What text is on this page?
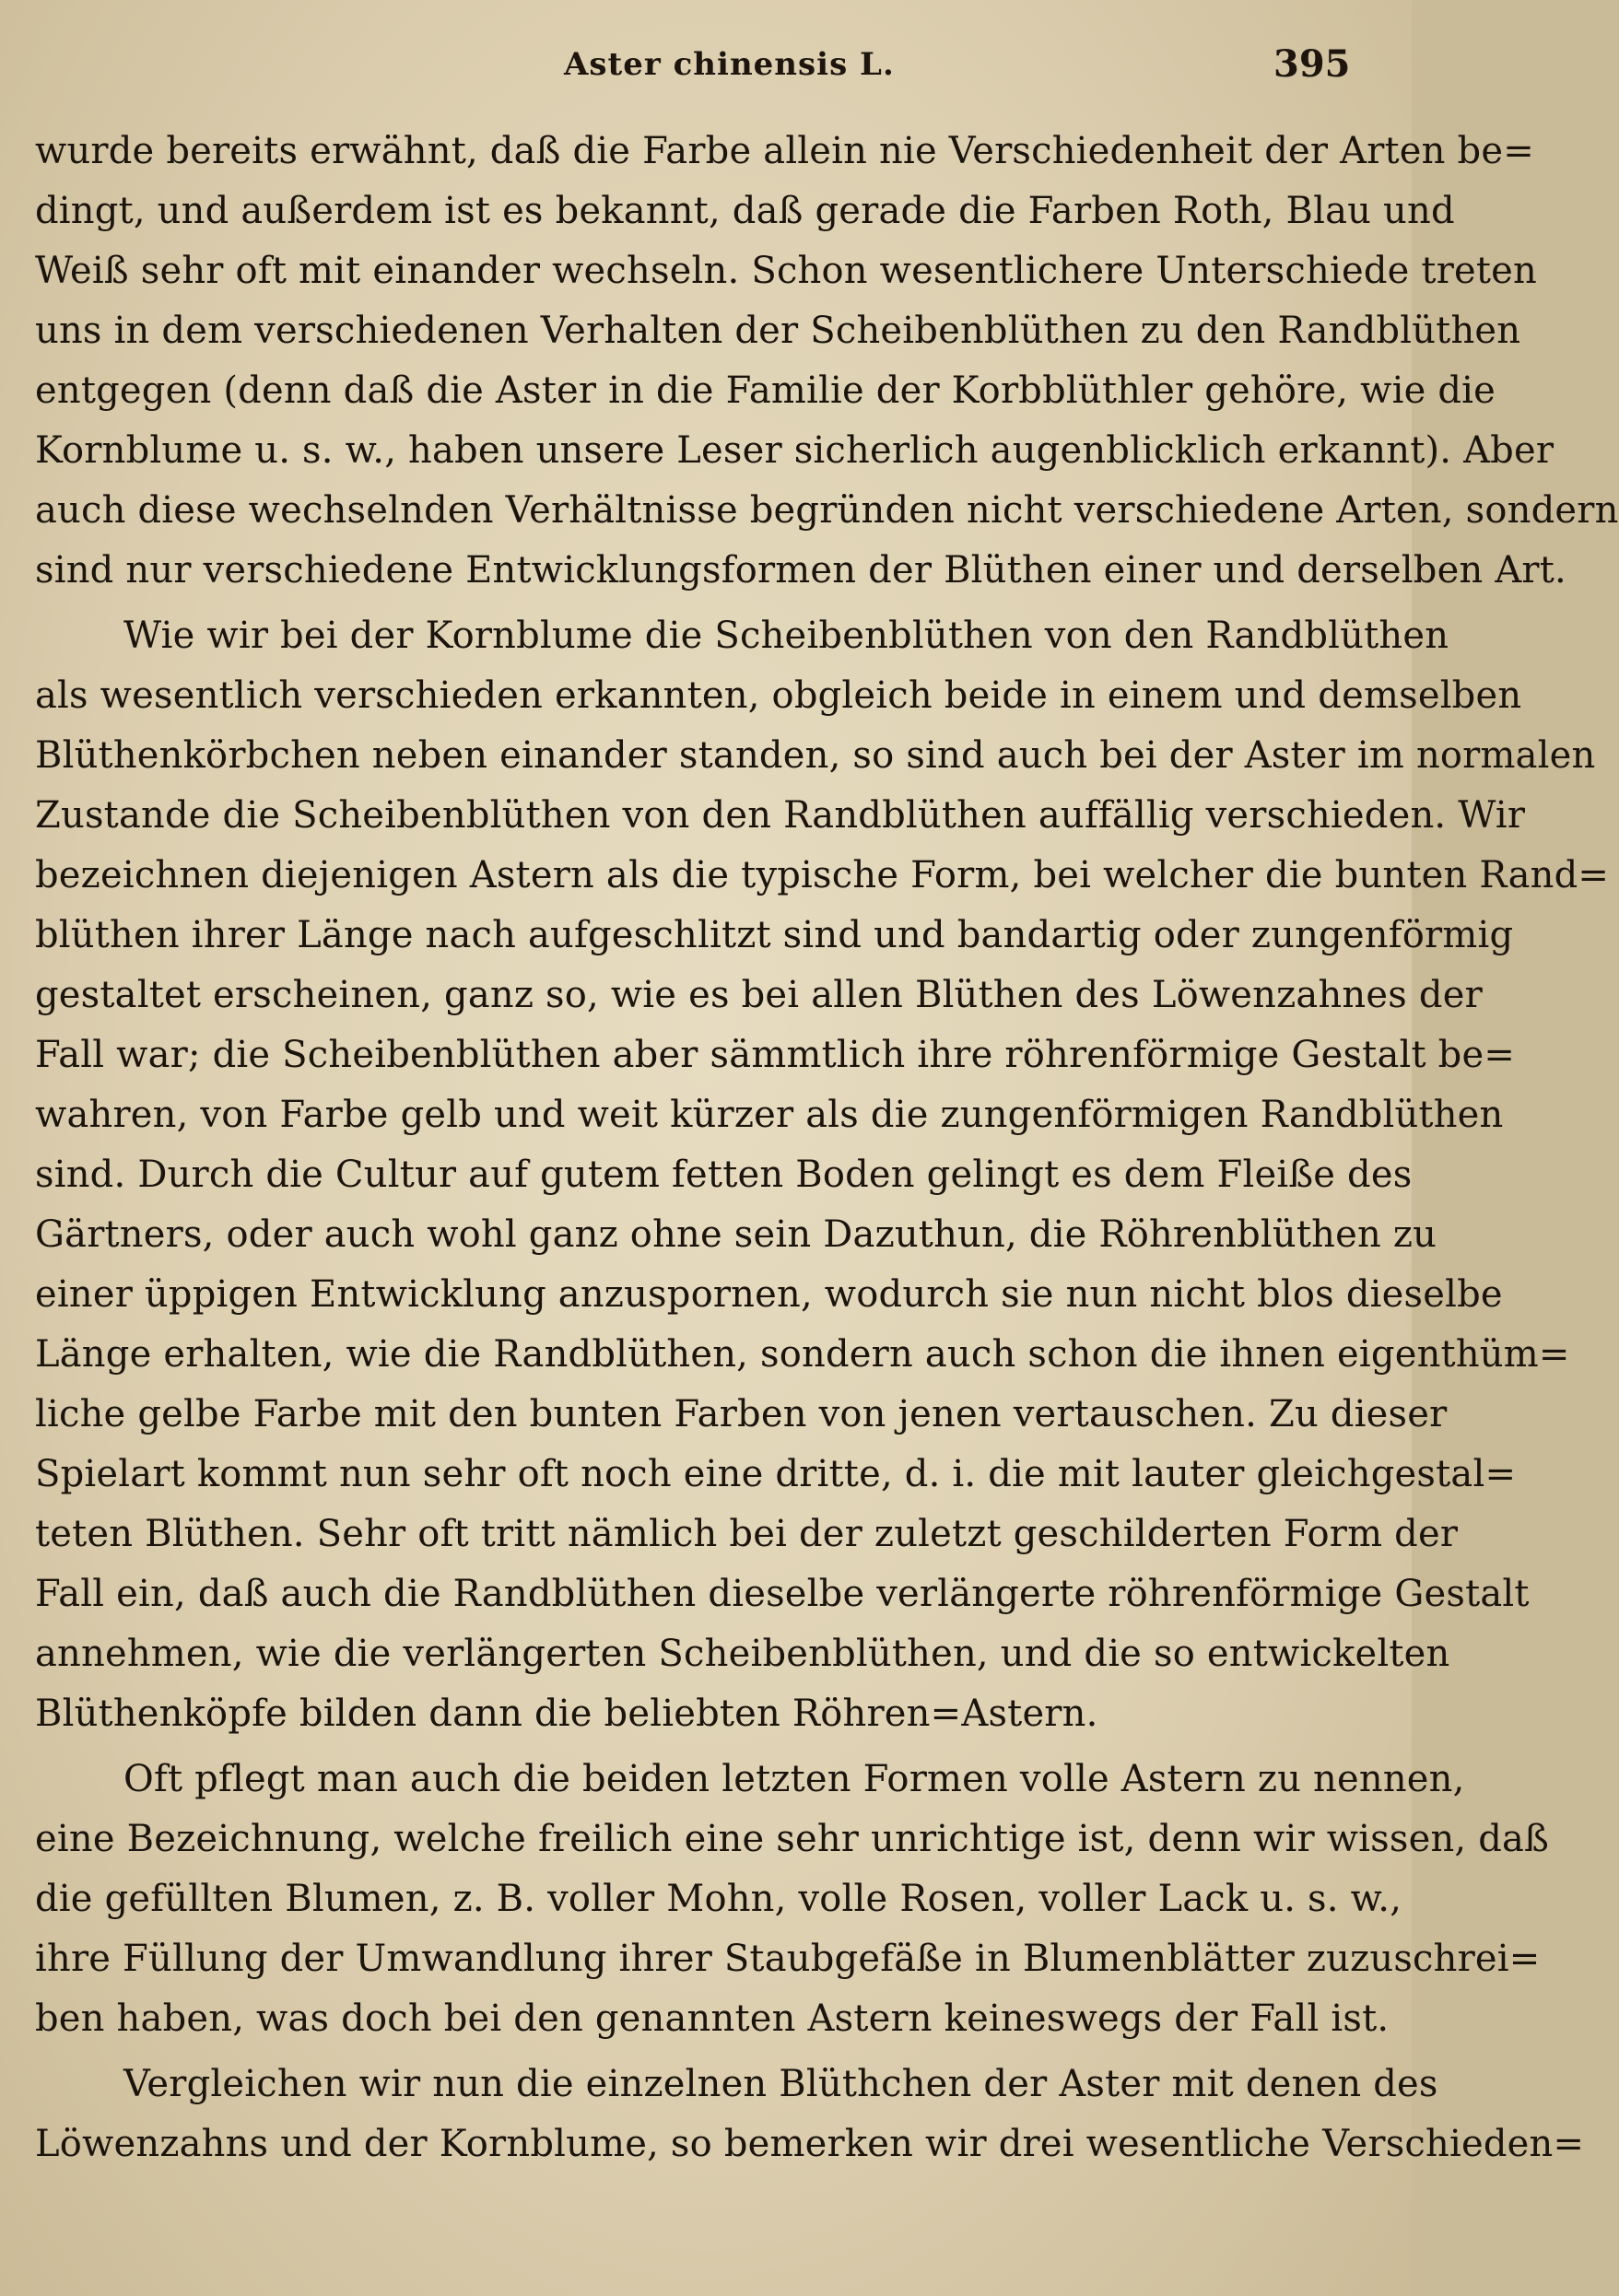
Aster chinensis L.	395
wurde bereits erwähnt, daß die Farbe allein nie Verschiedenheit der Arten be=
dingt, und außerdem ist es bekannt, daß gerade die Farben Roth, Blau und
Weiß sehr oft mit einander wechseln. Schon wesentlichere Unterschiede treten
uns in dem verschiedenen Verhalten der Scheibenblüthen zu den Randblüthen
entgegen (denn daß die Aster in die Familie der Korbblüthler gehöre, wie die
Kornblume u. s. w., haben unsere Leser sicherlich augenblicklich erkannt). Aber
auch diese wechselnden Verhältnisse begründen nicht verschiedene Arten, sondern
sind nur verschiedene Entwicklungsformen der Blüthen einer und derselben Art.
Wie wir bei der Kornblume die Scheibenblüthen von den Randblüthen
als wesentlich verschieden erkannten, obgleich beide in einem und demselben
Blüthenkörbchen neben einander standen, so sind auch bei der Aster im normalen
Zustande die Scheibenblüthen von den Randblüthen auffällig verschieden. Wir
bezeichnen diejenigen Astern als die typische Form, bei welcher die bunten Rand=
blüthen ihrer Länge nach aufgeschlitzt sind und bandartig oder zungenförmig
gestaltet erscheinen, ganz so, wie es bei allen Blüthen des Löwenzahnes der
Fall war; die Scheibenblüthen aber sämmtlich ihre röhrenförmige Gestalt be=
wahren, von Farbe gelb und weit kürzer als die zungenförmigen Randblüthen
sind. Durch die Cultur auf gutem fetten Boden gelingt es dem Fleiße des
Gärtners, oder auch wohl ganz ohne sein Dazuthun, die Röhrenblüthen zu
einer üppigen Entwicklung anzuspornen, wodurch sie nun nicht blos dieselbe
Länge erhalten, wie die Randblüthen, sondern auch schon die ihnen eigenthüm=
liche gelbe Farbe mit den bunten Farben von jenen vertauschen. Zu dieser
Spielart kommt nun sehr oft noch eine dritte, d. i. die mit lauter gleichgestal=
teten Blüthen. Sehr oft tritt nämlich bei der zuletzt geschilderten Form der
Fall ein, daß auch die Randblüthen dieselbe verlängerte röhrenförmige Gestalt
annehmen, wie die verlängerten Scheibenblüthen, und die so entwickelten
Blüthenköpfe bilden dann die beliebten Röhren=Astern.
Oft pflegt man auch die beiden letzten Formen volle Astern zu nennen,
eine Bezeichnung, welche freilich eine sehr unrichtige ist, denn wir wissen, daß
die gefüllten Blumen, z. B. voller Mohn, volle Rosen, voller Lack u. s. w.,
ihre Füllung der Umwandlung ihrer Staubgefäße in Blumenblätter zuzuschrei=
ben haben, was doch bei den genannten Astern keineswegs der Fall ist.
Vergleichen wir nun die einzelnen Blüthchen der Aster mit denen des
Löwenzahns und der Kornblume, so bemerken wir drei wesentliche Verschieden=
